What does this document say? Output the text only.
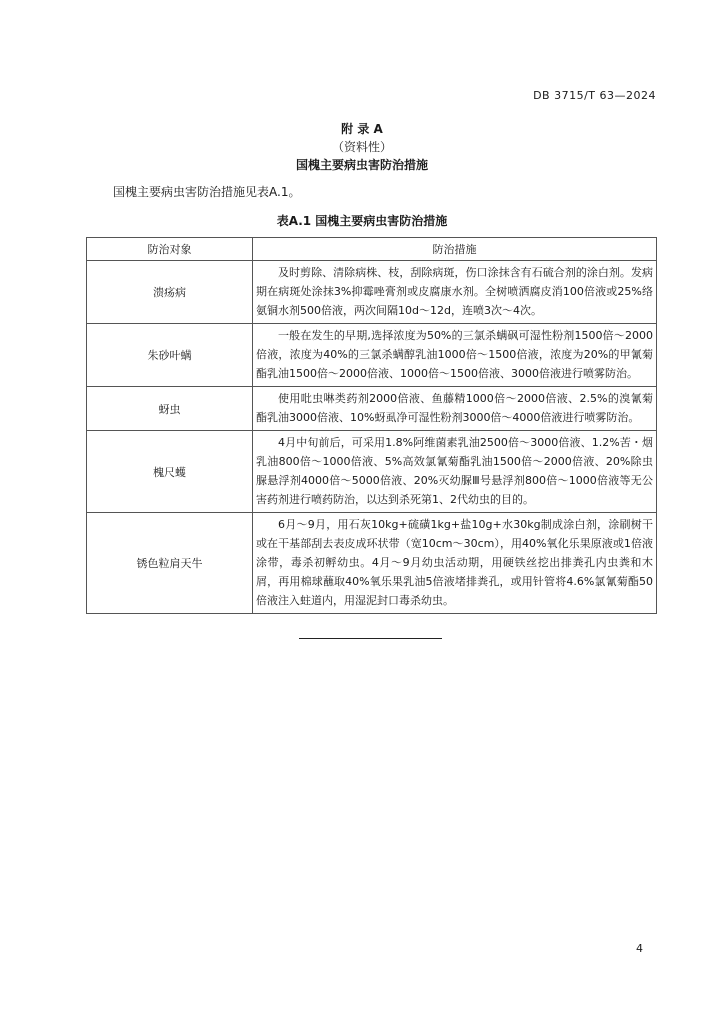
DB 3715/T 63—2024
附 录 A
（资料性）
国槐主要病虫害防治措施
国槐主要病虫害防治措施见表A.1。
表A.1 国槐主要病虫害防治措施
防治对象	防治措施
溃疡病	及时剪除、清除病株、枝，刮除病斑，伤口涂抹含有石硫合剂的涂白剂。发病期在病斑处涂抹3%抑霉唑膏剂或皮腐康水剂。全树喷洒腐皮消100倍液或25%络氨铜水剂500倍液，两次间隔10d～12d，连喷3次～4次。
朱砂叶螨	一般在发生的早期,选择浓度为50%的三氯杀螨砜可湿性粉剂1500倍～2000倍液，浓度为40%的三氯杀螨醇乳油1000倍～1500倍液，浓度为20%的甲氰菊酯乳油1500倍～2000倍液、1000倍～1500倍液、3000倍液进行喷雾防治。
蚜虫	使用吡虫啉类药剂2000倍液、鱼藤精1000倍～2000倍液、2.5%的溴氰菊酯乳油3000倍液、10%蚜虱净可湿性粉剂3000倍～4000倍液进行喷雾防治。
槐尺蠖	4月中旬前后，可采用1.8%阿维菌素乳油2500倍～3000倍液、1.2%苦・烟乳油800倍～1000倍液、5%高效氯氰菊酯乳油1500倍～2000倍液、20%除虫脲悬浮剂4000倍～5000倍液、20%灭幼脲Ⅲ号悬浮剂800倍～1000倍液等无公害药剂进行喷药防治，以达到杀死第1、2代幼虫的目的。
锈色粒肩天牛	6月～9月，用石灰10kg+硫磺1kg+盐10g+水30kg制成涂白剂，涂刷树干或在干基部刮去表皮成环状带（宽10cm～30cm），用40%氧化乐果原液或1倍液涂带，毒杀初孵幼虫。4月～9月幼虫活动期，用硬铁丝挖出排粪孔内虫粪和木屑，再用棉球蘸取40%氧乐果乳油5倍液堵排粪孔，或用针管将4.6%氯氰菊酯50倍液注入蛀道内，用湿泥封口毒杀幼虫。
4
